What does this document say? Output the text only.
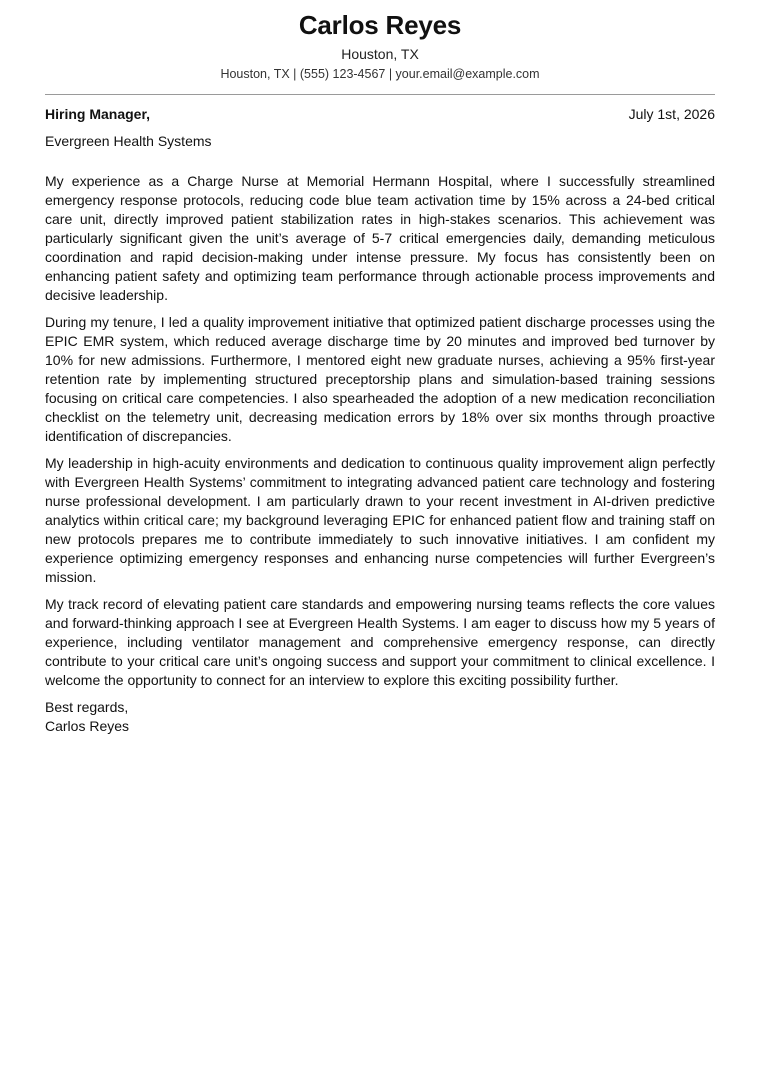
Carlos Reyes
Houston, TX
Houston, TX | (555) 123-4567 | your.email@example.com
Hiring Manager,	July 1st, 2026
Evergreen Health Systems

My experience as a Charge Nurse at Memorial Hermann Hospital, where I successfully streamlined emergency response protocols, reducing code blue team activation time by 15% across a 24-bed critical care unit, directly improved patient stabilization rates in high-stakes scenarios. This achievement was particularly significant given the unit’s average of 5-7 critical emergencies daily, demanding meticulous coordination and rapid decision-making under intense pressure. My focus has consistently been on enhancing patient safety and optimizing team performance through actionable process improvements and decisive leadership.

During my tenure, I led a quality improvement initiative that optimized patient discharge processes using the EPIC EMR system, which reduced average discharge time by 20 minutes and improved bed turnover by 10% for new admissions. Furthermore, I mentored eight new graduate nurses, achieving a 95% first-year retention rate by implementing structured preceptorship plans and simulation-based training sessions focusing on critical care competencies. I also spearheaded the adoption of a new medication reconciliation checklist on the telemetry unit, decreasing medication errors by 18% over six months through proactive identification of discrepancies.

My leadership in high-acuity environments and dedication to continuous quality improvement align perfectly with Evergreen Health Systems’ commitment to integrating advanced patient care technology and fostering nurse professional development. I am particularly drawn to your recent investment in AI-driven predictive analytics within critical care; my background leveraging EPIC for enhanced patient flow and training staff on new protocols prepares me to contribute immediately to such innovative initiatives. I am confident my experience optimizing emergency responses and enhancing nurse competencies will further Evergreen’s mission.

My track record of elevating patient care standards and empowering nursing teams reflects the core values and forward-thinking approach I see at Evergreen Health Systems. I am eager to discuss how my 5 years of experience, including ventilator management and comprehensive emergency response, can directly contribute to your critical care unit’s ongoing success and support your commitment to clinical excellence. I welcome the opportunity to connect for an interview to explore this exciting possibility further.

Best regards,
Carlos Reyes
